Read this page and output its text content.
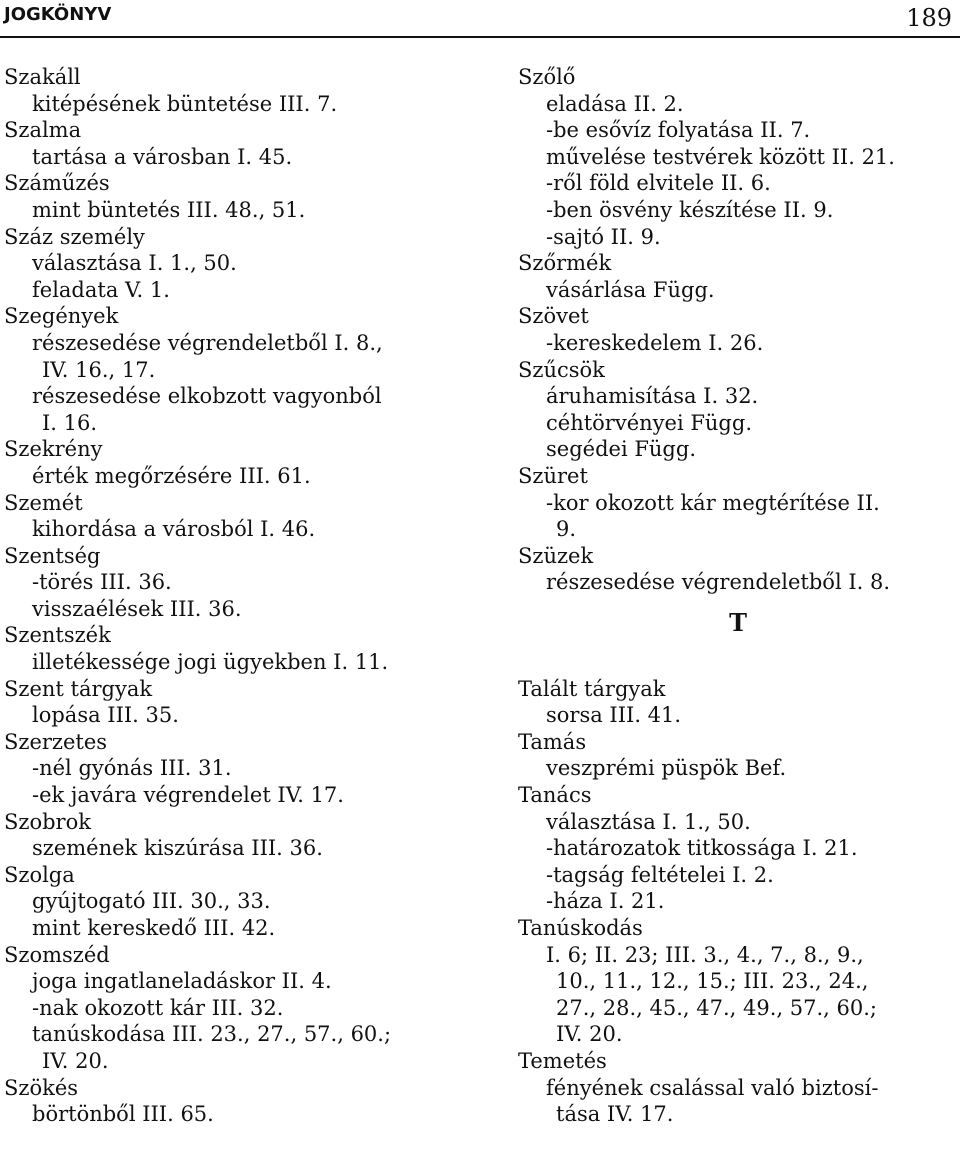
JOGKÖNYV	189
Szakáll
kitépésének büntetése III. 7.
Szalma
tartása a városban I. 45.
Száműzés
mint büntetés III. 48., 51.
Száz személy
választása I. 1., 50.
feladata V. 1.
Szegények
részesedése végrendeletből I. 8.,
IV. 16., 17.
részesedése elkobzott vagyonból
I. 16.
Szekrény
érték megőrzésére III. 61.
Szemét
kihordása a városból I. 46.
Szentség
-törés III. 36.
visszaélések III. 36.
Szentszék
illetékessége jogi ügyekben I. 11.
Szent tárgyak
lopása III. 35.
Szerzetes
-nél gyónás III. 31.
-ek javára végrendelet IV. 17.
Szobrok
szemének kiszúrása III. 36.
Szolga
gyújtogató III. 30., 33.
mint kereskedő III. 42.
Szomszéd
joga ingatlaneladáskor II. 4.
-nak okozott kár III. 32.
tanúskodása III. 23., 27., 57., 60.;
IV. 20.
Szökés
börtönből III. 65.
Szőlő
eladása II. 2.
-be esővíz folyatása II. 7.
művelése testvérek között II. 21.
-ről föld elvitele II. 6.
-ben ösvény készítése II. 9.
-sajtó II. 9.
Szőrmék
vásárlása Függ.
Szövet
-kereskedelem I. 26.
Szűcsök
áruhamisítása I. 32.
céhtörvényei Függ.
segédei Függ.
Szüret
-kor okozott kár megtérítése II.
9.
Szüzek
részesedése végrendeletből I. 8.
T
Talált tárgyak
sorsa III. 41.
Tamás
veszprémi püspök Bef.
Tanács
választása I. 1., 50.
-határozatok titkossága I. 21.
-tagság feltételei I. 2.
-háza I. 21.
Tanúskodás
I. 6; II. 23; III. 3., 4., 7., 8., 9.,
10., 11., 12., 15.; III. 23., 24.,
27., 28., 45., 47., 49., 57., 60.;
IV. 20.
Temetés
fényének csalással való biztosí-
tása IV. 17.
